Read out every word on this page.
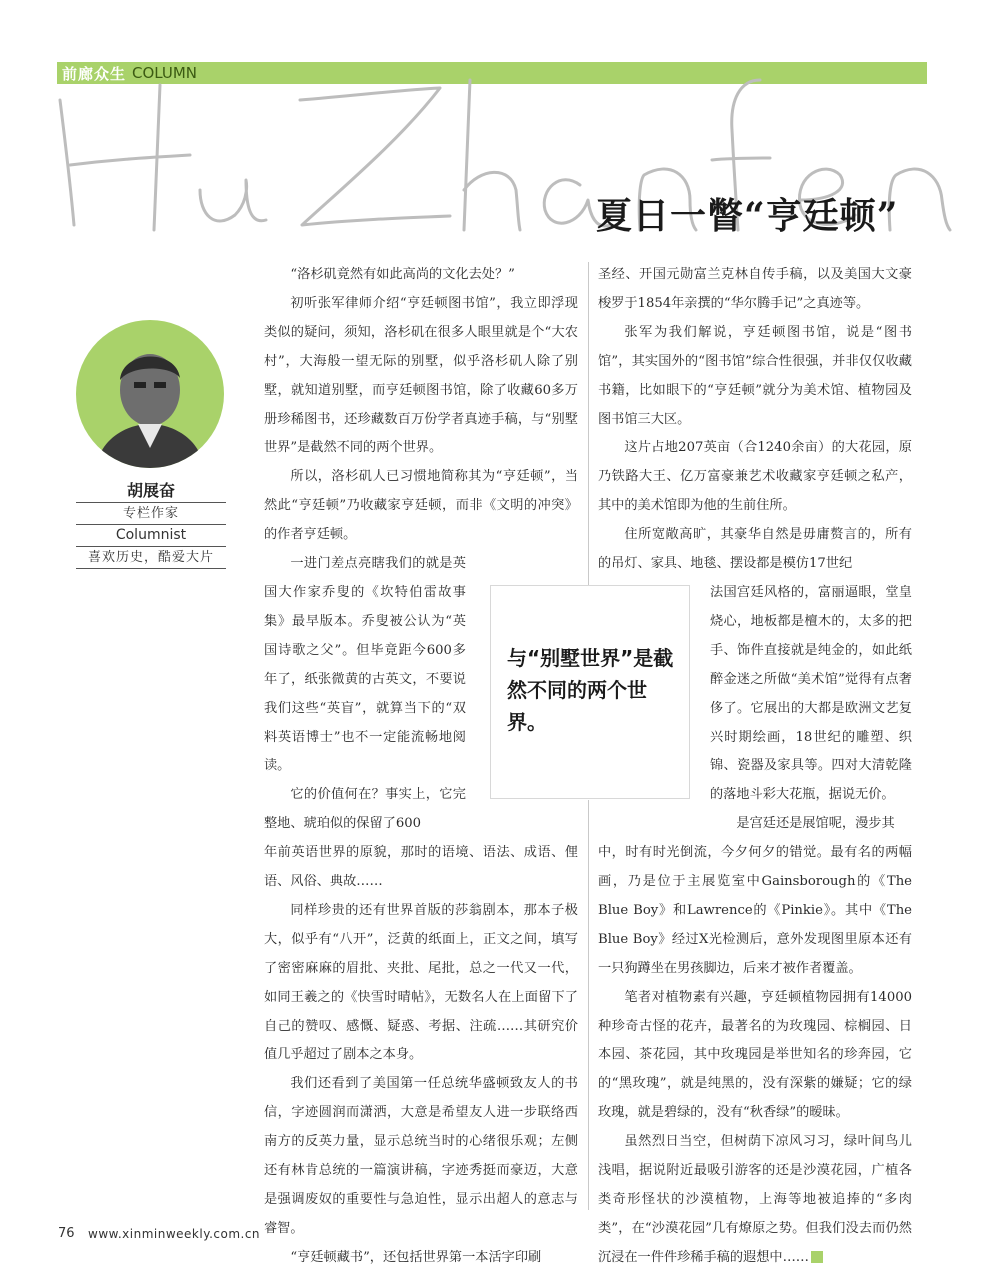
前廊众生 COLUMN
夏日一瞥“亨廷顿”
胡展奋
专栏作家
Columnist
喜欢历史，酷爱大片

“洛杉矶竟然有如此高尚的文化去处？”

初听张军律师介绍“亨廷顿图书馆”，我立即浮现类似的疑问，须知，洛杉矶在很多人眼里就是个“大农村”，大海般一望无际的别墅，似乎洛杉矶人除了别墅，就知道别墅，而亨廷顿图书馆，除了收藏60多万册珍稀图书，还珍藏数百万份学者真迹手稿，与“别墅世界”是截然不同的两个世界。

所以，洛杉矶人已习惯地简称其为“亨廷顿”，当然此“亨廷顿”乃收藏家亨廷顿，而非《文明的冲突》的作者亨廷顿。

一进门差点亮瞎我们的就是英国大作家乔叟的《坎特伯雷故事集》最早版本。乔叟被公认为“英国诗歌之父”。但毕竟距今600多年了，纸张微黄的古英文，不要说我们这些“英盲”，就算当下的“双料英语博士”也不一定能流畅地阅读。

它的价值何在？事实上，它完整地、琥珀似的保留了600

年前英语世界的原貌，那时的语境、语法、成语、俚语、风俗、典故……

同样珍贵的还有世界首版的莎翁剧本，那本子极大，似乎有“八开”，泛黄的纸面上，正文之间，填写了密密麻麻的眉批、夹批、尾批，总之一代又一代，如同王羲之的《快雪时晴帖》，无数名人在上面留下了自己的赞叹、感慨、疑惑、考据、注疏……其研究价值几乎超过了剧本之本身。

我们还看到了美国第一任总统华盛顿致友人的书信，字迹圆润而潇洒，大意是希望友人进一步联络西南方的反英力量，显示总统当时的心绪很乐观；左侧还有林肯总统的一篇演讲稿，字迹秀挺而豪迈，大意是强调废奴的重要性与急迫性，显示出超人的意志与睿智。

“亨廷顿藏书”，还包括世界第一本活字印刷

圣经、开国元勋富兰克林自传手稿，以及美国大文豪梭罗于1854年亲撰的“华尔腾手记”之真迹等。

张军为我们解说，亨廷顿图书馆，说是“图书馆”，其实国外的“图书馆”综合性很强，并非仅仅收藏书籍，比如眼下的“亨廷顿”就分为美术馆、植物园及图书馆三大区。

这片占地207英亩（合1240余亩）的大花园，原乃铁路大王、亿万富豪兼艺术收藏家亨廷顿之私产，其中的美术馆即为他的生前住所。

住所宽敞高旷，其豪华自然是毋庸赘言的，所有的吊灯、家具、地毯、摆设都是模仿17世纪

法国宫廷风格的，富丽逼眼，堂皇烧心，地板都是檀木的，太多的把手、饰件直接就是纯金的，如此纸醉金迷之所做“美术馆”觉得有点奢侈了。它展出的大都是欧洲文艺复兴时期绘画，18世纪的雕塑、织锦、瓷器及家具等。四对大清乾隆的落地斗彩大花瓶，据说无价。

是宫廷还是展馆呢，漫步其

中，时有时光倒流，今夕何夕的错觉。最有名的两幅画，乃是位于主展览室中Gainsborough的《The Blue Boy》和Lawrence的《Pinkie》。其中《The Blue Boy》经过X光检测后，意外发现图里原本还有一只狗蹲坐在男孩脚边，后来才被作者覆盖。

笔者对植物素有兴趣，亨廷顿植物园拥有14000种珍奇古怪的花卉，最著名的为玫瑰园、棕榈园、日本园、茶花园，其中玫瑰园是举世知名的珍奔园，它的“黑玫瑰”，就是纯黑的，没有深紫的嫌疑；它的绿玫瑰，就是碧绿的，没有“秋香绿”的暧昧。

虽然烈日当空，但树荫下凉风习习，绿叶间鸟儿浅唱，据说附近最吸引游客的还是沙漠花园，广植各类奇形怪状的沙漠植物，上海等地被追捧的“多肉类”，在“沙漠花园”几有燎原之势。但我们没去而仍然沉浸在一件件珍稀手稿的遐想中……

与“别墅世界”是截然不同的两个世界。
76 www.xinminweekly.com.cn
